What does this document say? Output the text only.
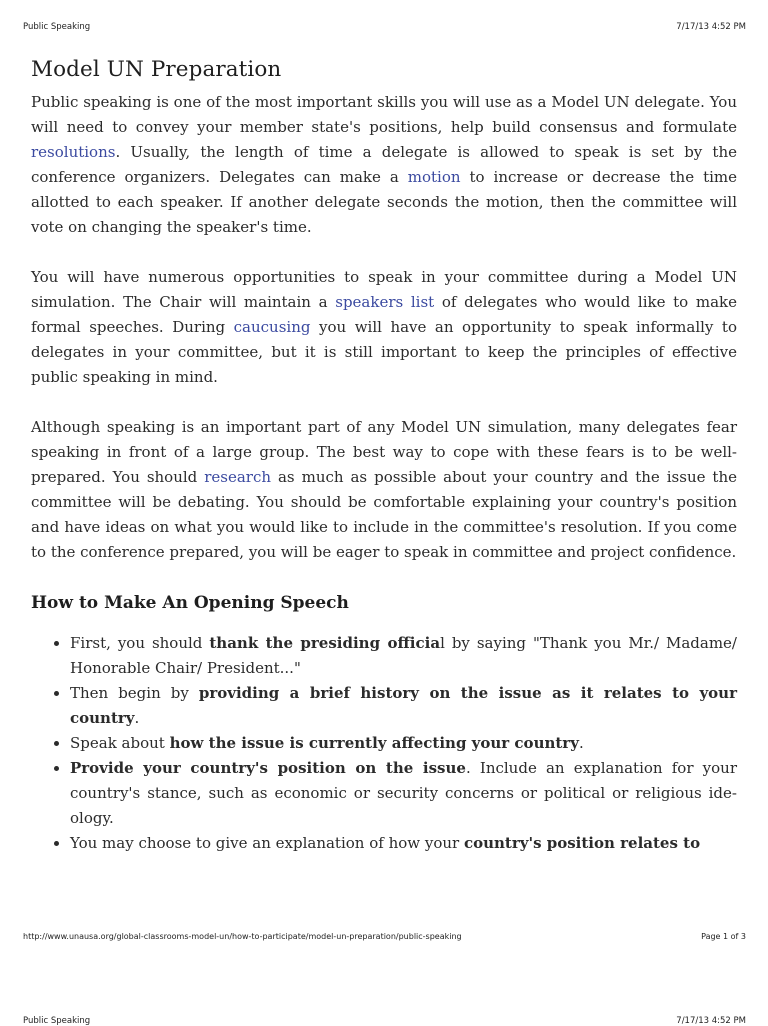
Public Speaking	7/17/13 4:52 PM
Model UN Preparation

Public speaking is one of the most important skills you will use as a Model UN delegate. You will need to convey your member state's positions, help build consensus and formulate resolutions. Usually, the length of time a delegate is allowed to speak is set by the conference organizers. Delegates can make a motion to increase or decrease the time allotted to each speaker. If another delegate seconds the motion, then the committee will vote on changing the speaker's time.

You will have numerous opportunities to speak in your committee during a Model UN simulation. The Chair will maintain a speakers list of delegates who would like to make formal speeches. During caucusing you will have an opportunity to speak informally to delegates in your committee, but it is still important to keep the principles of effective public speaking in mind.

Although speaking is an important part of any Model UN simulation, many delegates fear speaking in front of a large group. The best way to cope with these fears is to be well-prepared. You should research as much as possible about your country and the issue the committee will be debating. You should be comfortable explaining your country's position and have ideas on what you would like to include in the committee's resolution. If you come to the conference prepared, you will be eager to speak in committee and project confidence.

How to Make An Opening Speech
• First, you should thank the presiding official by saying "Thank you Mr./ Madame/ Honorable Chair/ President..."
• Then begin by providing a brief history on the issue as it relates to your country.
• Speak about how the issue is currently affecting your country.
• Provide your country's position on the issue. Include an explanation for your country's stance, such as economic or security concerns or political or religious ideology.
• You may choose to give an explanation of how your country's position relates to
http://www.unausa.org/global-classrooms-model-un/how-to-participate/model-un-preparation/public-speaking	Page 1 of 3
Public Speaking	7/17/13 4:52 PM
